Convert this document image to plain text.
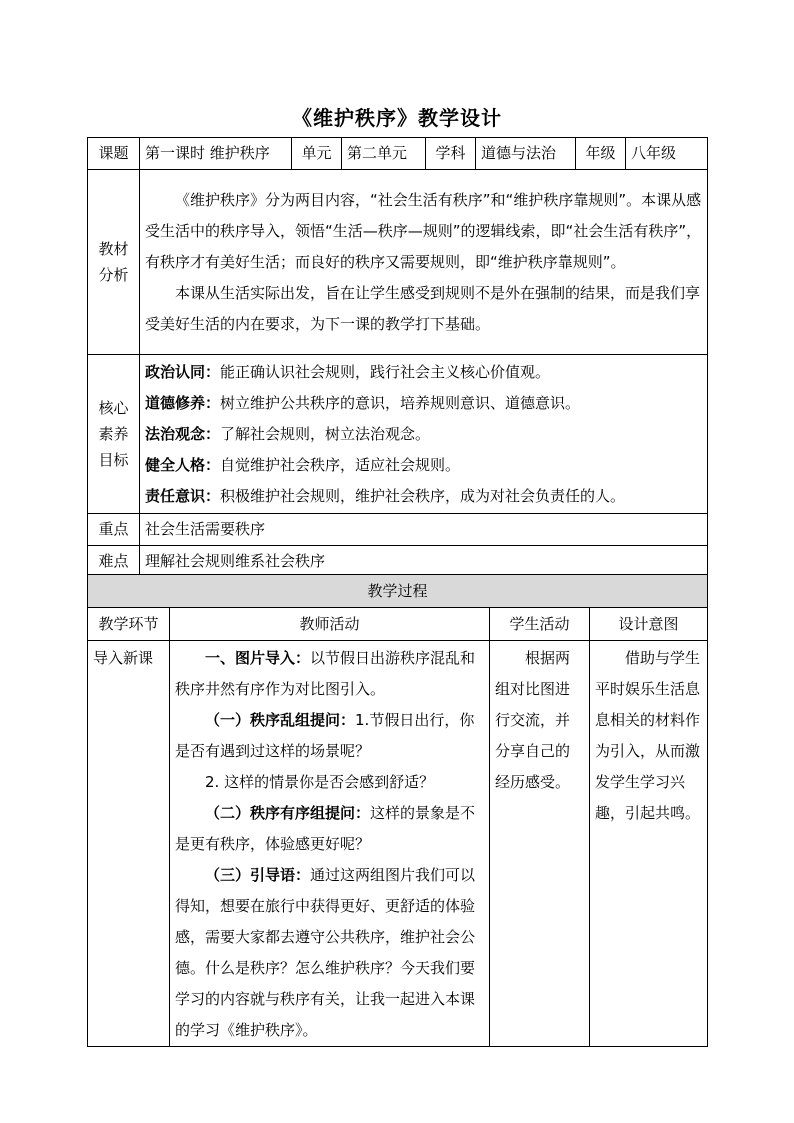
《维护秩序》教学设计
课题	第一课时 维护秩序	单元	第二单元	学科	道德与法治	年级	八年级

教材分析	《维护秩序》分为两目内容，“社会生活有秩序”和“维护秩序靠规则”。本课从感受生活中的秩序导入，领悟“生活—秩序—规则”的逻辑线索，即“社会生活有秩序”，有秩序才有美好生活；而良好的秩序又需要规则，即“维护秩序靠规则”。

本课从生活实际出发，旨在让学生感受到规则不是外在强制的结果，而是我们享受美好生活的内在要求，为下一课的教学打下基础。						

核心素养目标	政治认同：能正确认识社会规则，践行社会主义核心价值观。

道德修养：树立维护公共秩序的意识，培养规则意识、道德意识。

法治观念：了解社会规则，树立法治观念。

健全人格：自觉维护社会秩序，适应社会规则。

责任意识：积极维护社会规则，维护社会秩序，成为对社会负责任的人。						

重点	社会生活需要秩序						
难点	理解社会规则维系社会秩序						
教学过程			
教学环节	教师活动	学生活动	设计意图
导入新课	一、图片导入：以节假日出游秩序混乱和秩序井然有序作为对比图引入。

（一）秩序乱组提问：1.节假日出行，你是否有遇到过这样的场景呢？

2. 这样的情景你是否会感到舒适？

（二）秩序有序组提问：这样的景象是不是更有秩序，体验感更好呢？

（三）引导语：通过这两组图片我们可以得知，想要在旅行中获得更好、更舒适的体验感，需要大家都去遵守公共秩序，维护社会公德。什么是秩序？怎么维护秩序？今天我们要学习的内容就与秩序有关，让我一起进入本课的学习《维护秩序》。	根据两组对比图进行交流，并分享自己的经历感受。	借助与学生平时娱乐生活息息相关的材料作为引入，从而激发学生学习兴趣，引起共鸣。
